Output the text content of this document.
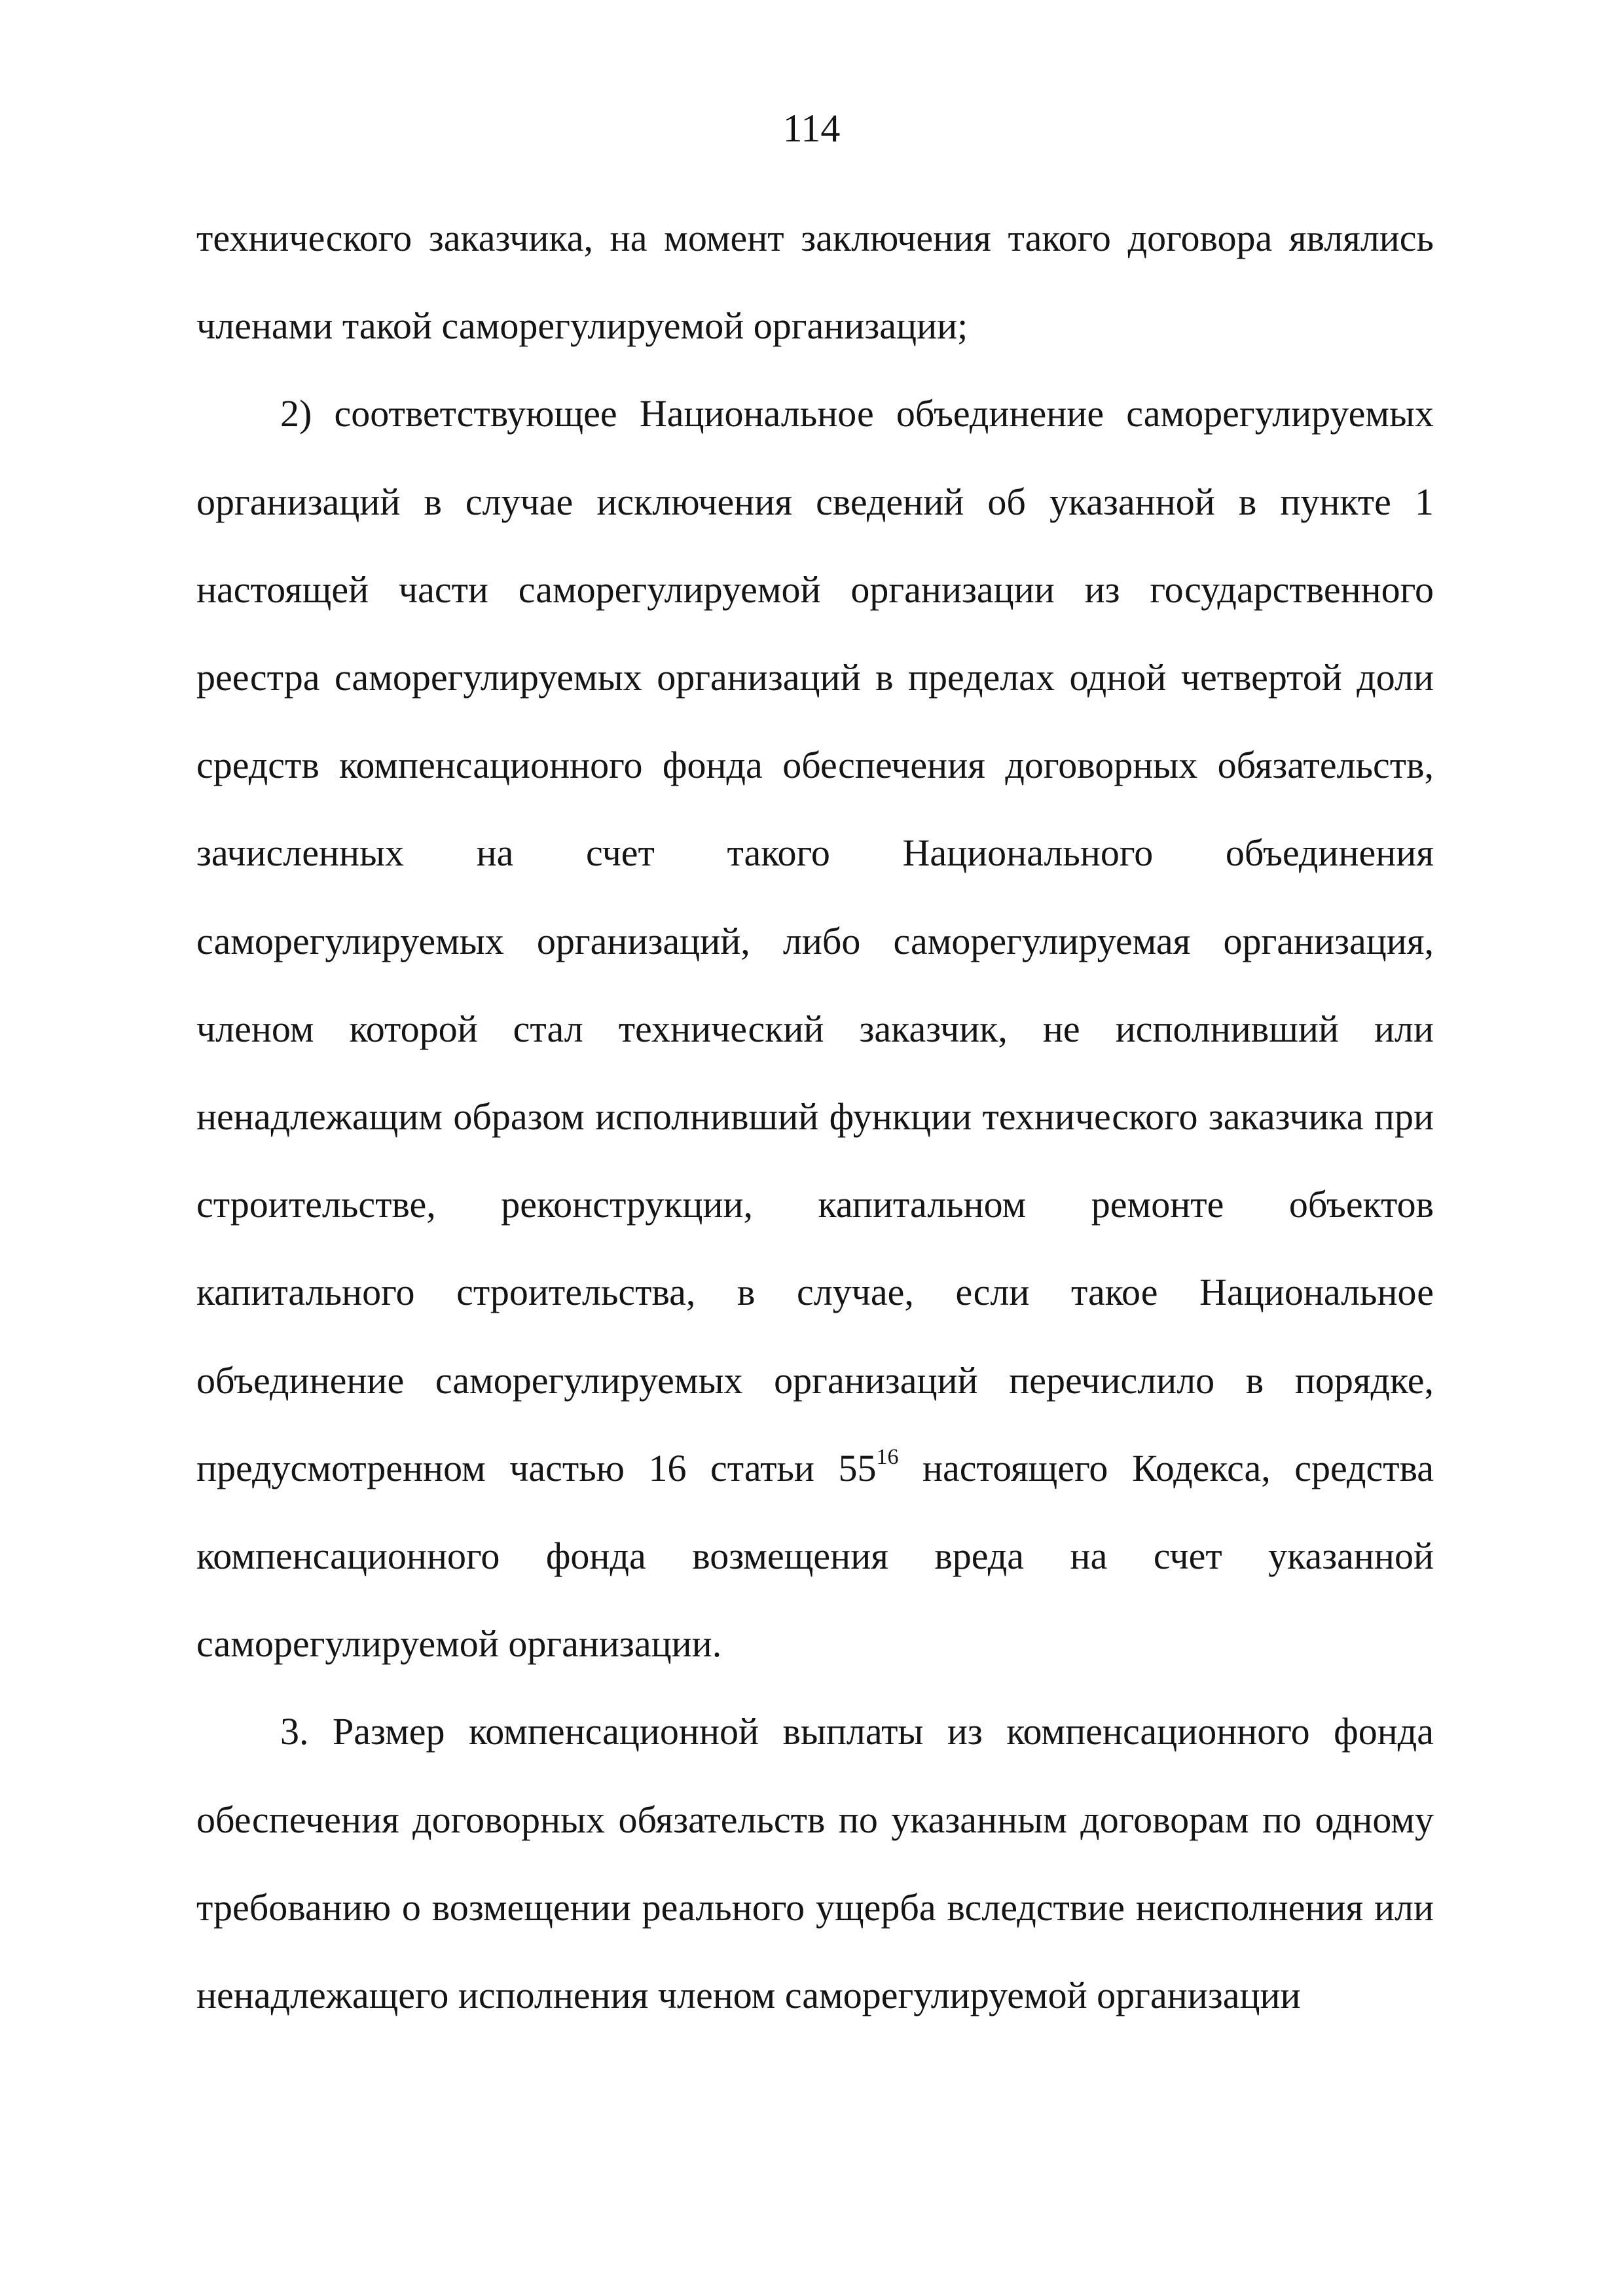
114

технического заказчика, на момент заключения такого договора являлись членами такой саморегулируемой организации;

2) соответствующее Национальное объединение саморегулируемых организаций в случае исключения сведений об указанной в пункте 1 настоящей части саморегулируемой организации из государственного реестра саморегулируемых организаций в пределах одной четвертой доли средств компенсационного фонда обеспечения договорных обязательств, зачисленных на счет такого Национального объединения саморегулируемых организаций, либо саморегулируемая организация, членом которой стал технический заказчик, не исполнивший или ненадлежащим образом исполнивший функции технического заказчика при строительстве, реконструкции, капитальном ремонте объектов капитального строительства, в случае, если такое Национальное объединение саморегулируемых организаций перечислило в порядке, предусмотренном частью 16 статьи $55^{16}$ настоящего Кодекса, средства компенсационного фонда возмещения вреда на счет указанной саморегулируемой организации.

3. Размер компенсационной выплаты из компенсационного фонда обеспечения договорных обязательств по указанным договорам по одному требованию о возмещении реального ущерба вследствие неисполнения или ненадлежащего исполнения членом саморегулируемой организации
